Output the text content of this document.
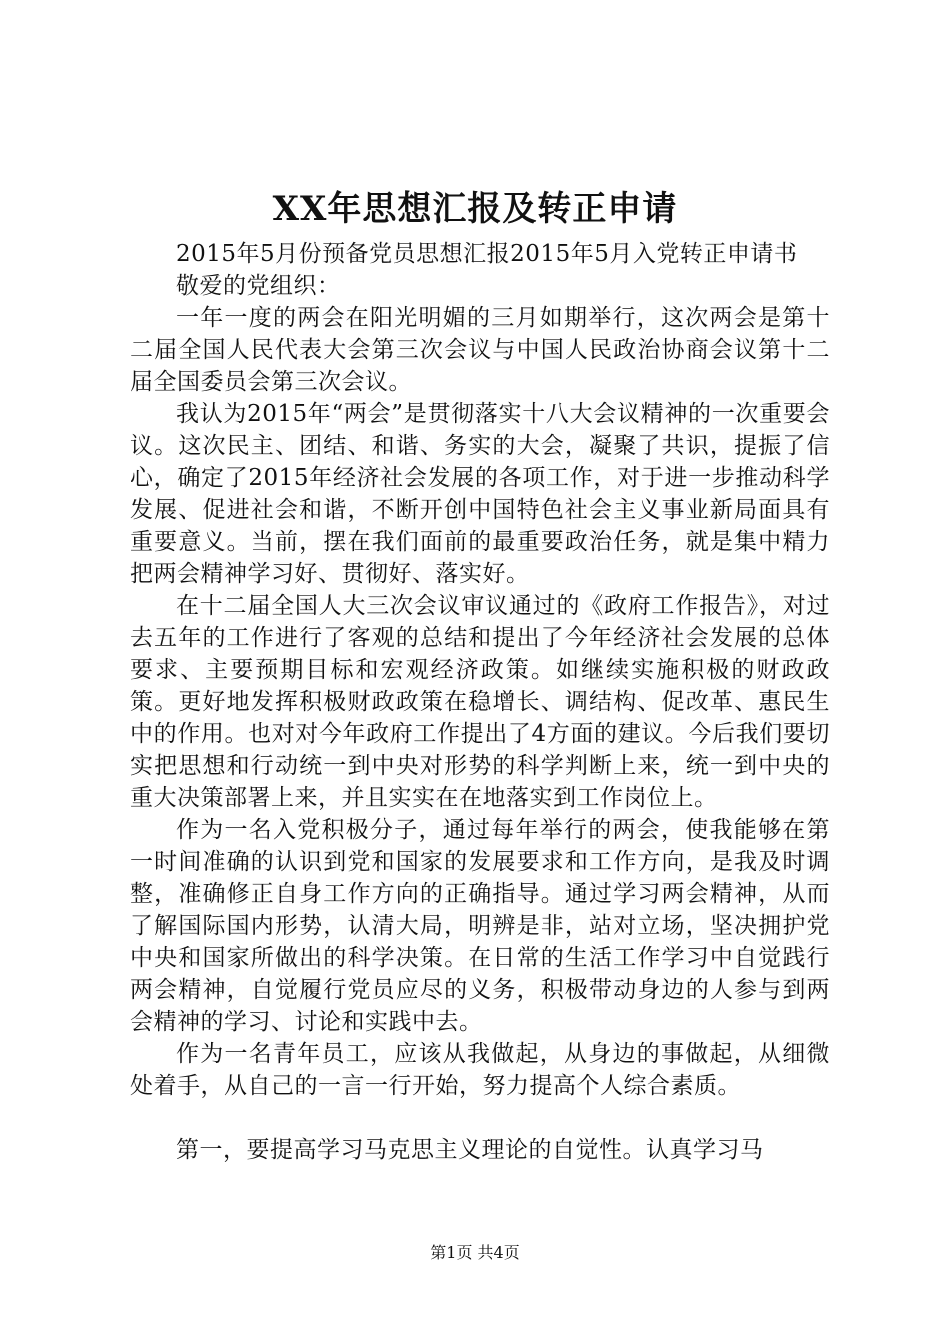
XX年思想汇报及转正申请

2015年5月份预备党员思想汇报2015年5月入党转正申请书

敬爱的党组织：

一年一度的两会在阳光明媚的三月如期举行，这次两会是第十二届全国人民代表大会第三次会议与中国人民政治协商会议第十二届全国委员会第三次会议。

我认为2015年“两会”是贯彻落实十八大会议精神的一次重要会议。这次民主、团结、和谐、务实的大会，凝聚了共识，提振了信心，确定了2015年经济社会发展的各项工作，对于进一步推动科学发展、促进社会和谐，不断开创中国特色社会主义事业新局面具有重要意义。当前，摆在我们面前的最重要政治任务，就是集中精力把两会精神学习好、贯彻好、落实好。

在十二届全国人大三次会议审议通过的《政府工作报告》，对过去五年的工作进行了客观的总结和提出了今年经济社会发展的总体要求、主要预期目标和宏观经济政策。如继续实施积极的财政政策。更好地发挥积极财政政策在稳增长、调结构、促改革、惠民生中的作用。也对对今年政府工作提出了4方面的建议。今后我们要切实把思想和行动统一到中央对形势的科学判断上来，统一到中央的重大决策部署上来，并且实实在在地落实到工作岗位上。

作为一名入党积极分子，通过每年举行的两会，使我能够在第一时间准确的认识到党和国家的发展要求和工作方向，是我及时调整，准确修正自身工作方向的正确指导。通过学习两会精神，从而了解国际国内形势，认清大局，明辨是非，站对立场，坚决拥护党中央和国家所做出的科学决策。在日常的生活工作学习中自觉践行两会精神，自觉履行党员应尽的义务，积极带动身边的人参与到两会精神的学习、讨论和实践中去。

作为一名青年员工，应该从我做起，从身边的事做起，从细微处着手，从自己的一言一行开始，努力提高个人综合素质。

第一，要提高学习马克思主义理论的自觉性。认真学习马

第1页 共4页
